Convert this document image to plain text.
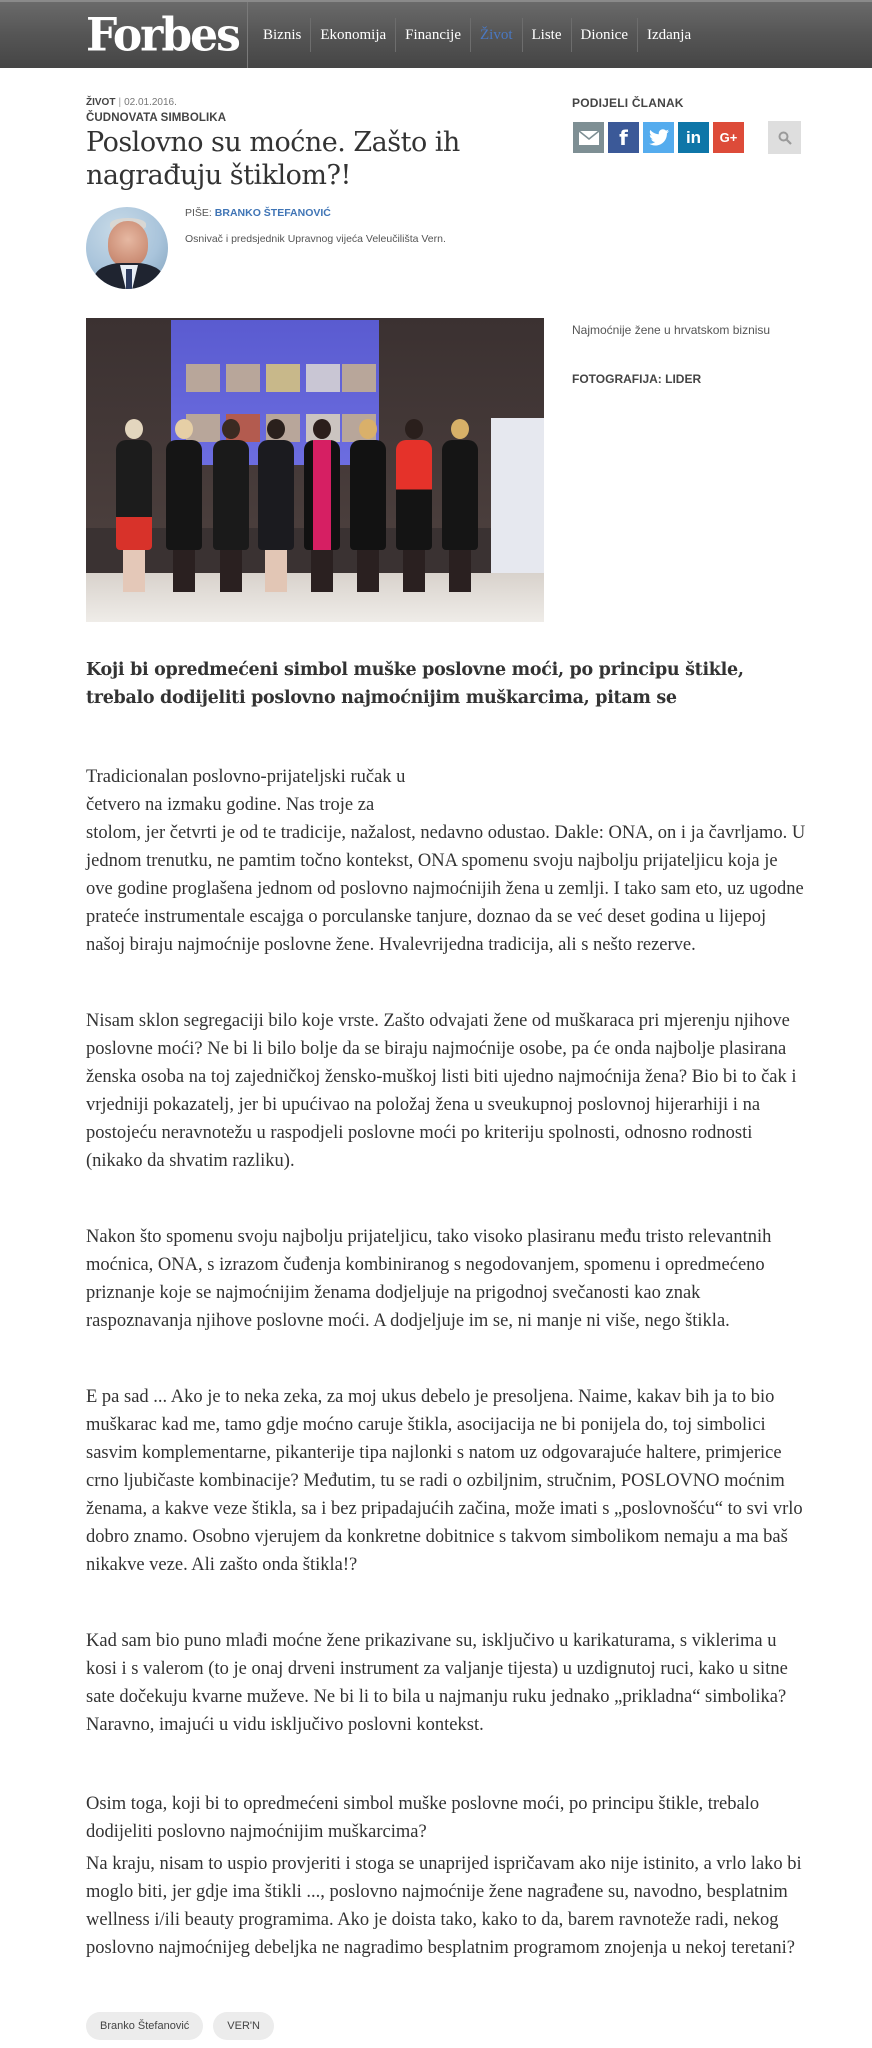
Forbes	Biznis	Ekonomija	Financije	Život	Liste	Dionice	Izdanja
ŽIVOT | 02.01.2016.
ČUDNOVATA SIMBOLIKA
Poslovno su moćne. Zašto ih nagrađuju štiklom?!
PIŠE: BRANKO ŠTEFANOVIĆ
Osnivač i predsjednik Upravnog vijeća Veleučilišta Vern.
PODIJELI ČLANAK
f	in G+
Najmoćnije žene u hrvatskom biznisu
FOTOGRAFIJA: LIDER
Koji bi opredmećeni simbol muške poslovne moći, po principu štikle, trebalo dodijeliti poslovno najmoćnijim muškarcima, pitam se

Tradicionalan poslovno-prijateljski ručak u

četvero na izmaku godine. Nas troje za

stolom, jer četvrti je od te tradicije, nažalost, nedavno odustao. Dakle: ONA, on i ja čavrljamo. U jednom trenutku, ne pamtim točno kontekst, ONA spomenu svoju najbolju prijateljicu koja je ove godine proglašena jednom od poslovno najmoćnijih žena u zemlji. I tako sam eto, uz ugodne prateće instrumentale escajga o porculanske tanjure, doznao da se već deset godina u lijepoj našoj biraju najmoćnije poslovne žene. Hvalevrijedna tradicija, ali s nešto rezerve.

Nisam sklon segregaciji bilo koje vrste. Zašto odvajati žene od muškaraca pri mjerenju njihove poslovne moći? Ne bi li bilo bolje da se biraju najmoćnije osobe, pa će onda najbolje plasirana ženska osoba na toj zajedničkoj žensko-muškoj listi biti ujedno najmoćnija žena? Bio bi to čak i vrjedniji pokazatelj, jer bi upućivao na položaj žena u sveukupnoj poslovnoj hijerarhiji i na postojeću neravnotežu u raspodjeli poslovne moći po kriteriju spolnosti, odnosno rodnosti (nikako da shvatim razliku).
Nakon što spomenu svoju najbolju prijateljicu, tako visoko plasiranu među tristo relevantnih moćnica, ONA, s izrazom čuđenja kombiniranog s negodovanjem, spomenu i opredmećeno priznanje koje se najmoćnijim ženama dodjeljuje na prigodnoj svečanosti kao znak raspoznavanja njihove poslovne moći. A dodjeljuje im se, ni manje ni više, nego štikla.
E pa sad ... Ako je to neka zeka, za moj ukus debelo je presoljena. Naime, kakav bih ja to bio muškarac kad me, tamo gdje moćno caruje štikla, asocijacija ne bi ponijela do, toj simbolici sasvim komplementarne, pikanterije tipa najlonki s natom uz odgovarajuće haltere, primjerice crno ljubičaste kombinacije? Međutim, tu se radi o ozbiljnim, stručnim, POSLOVNO moćnim ženama, a kakve veze štikla, sa i bez pripadajućih začina, može imati s „poslovnošću“ to svi vrlo dobro znamo. Osobno vjerujem da konkretne dobitnice s takvom simbolikom nemaju a ma baš nikakve veze. Ali zašto onda štikla!?
Kad sam bio puno mlađi moćne žene prikazivane su, isključivo u karikaturama, s viklerima u kosi i s valerom (to je onaj drveni instrument za valjanje tijesta) u uzdignutoj ruci, kako u sitne sate dočekuju kvarne muževe. Ne bi li to bila u najmanju ruku jednako „prikladna“ simbolika? Naravno, imajući u vidu isključivo poslovni kontekst.
Osim toga, koji bi to opredmećeni simbol muške poslovne moći, po principu štikle, trebalo dodijeliti poslovno najmoćnijim muškarcima?
Na kraju, nisam to uspio provjeriti i stoga se unaprijed ispričavam ako nije istinito, a vrlo lako bi moglo biti, jer gdje ima štikli ..., poslovno najmoćnije žene nagrađene su, navodno, besplatnim wellness i/ili beauty programima. Ako je doista tako, kako to da, barem ravnoteže radi, nekog poslovno najmoćnijeg debeljka ne nagradimo besplatnim programom znojenja u nekoj teretani?
Branko Štefanović	VER'N
